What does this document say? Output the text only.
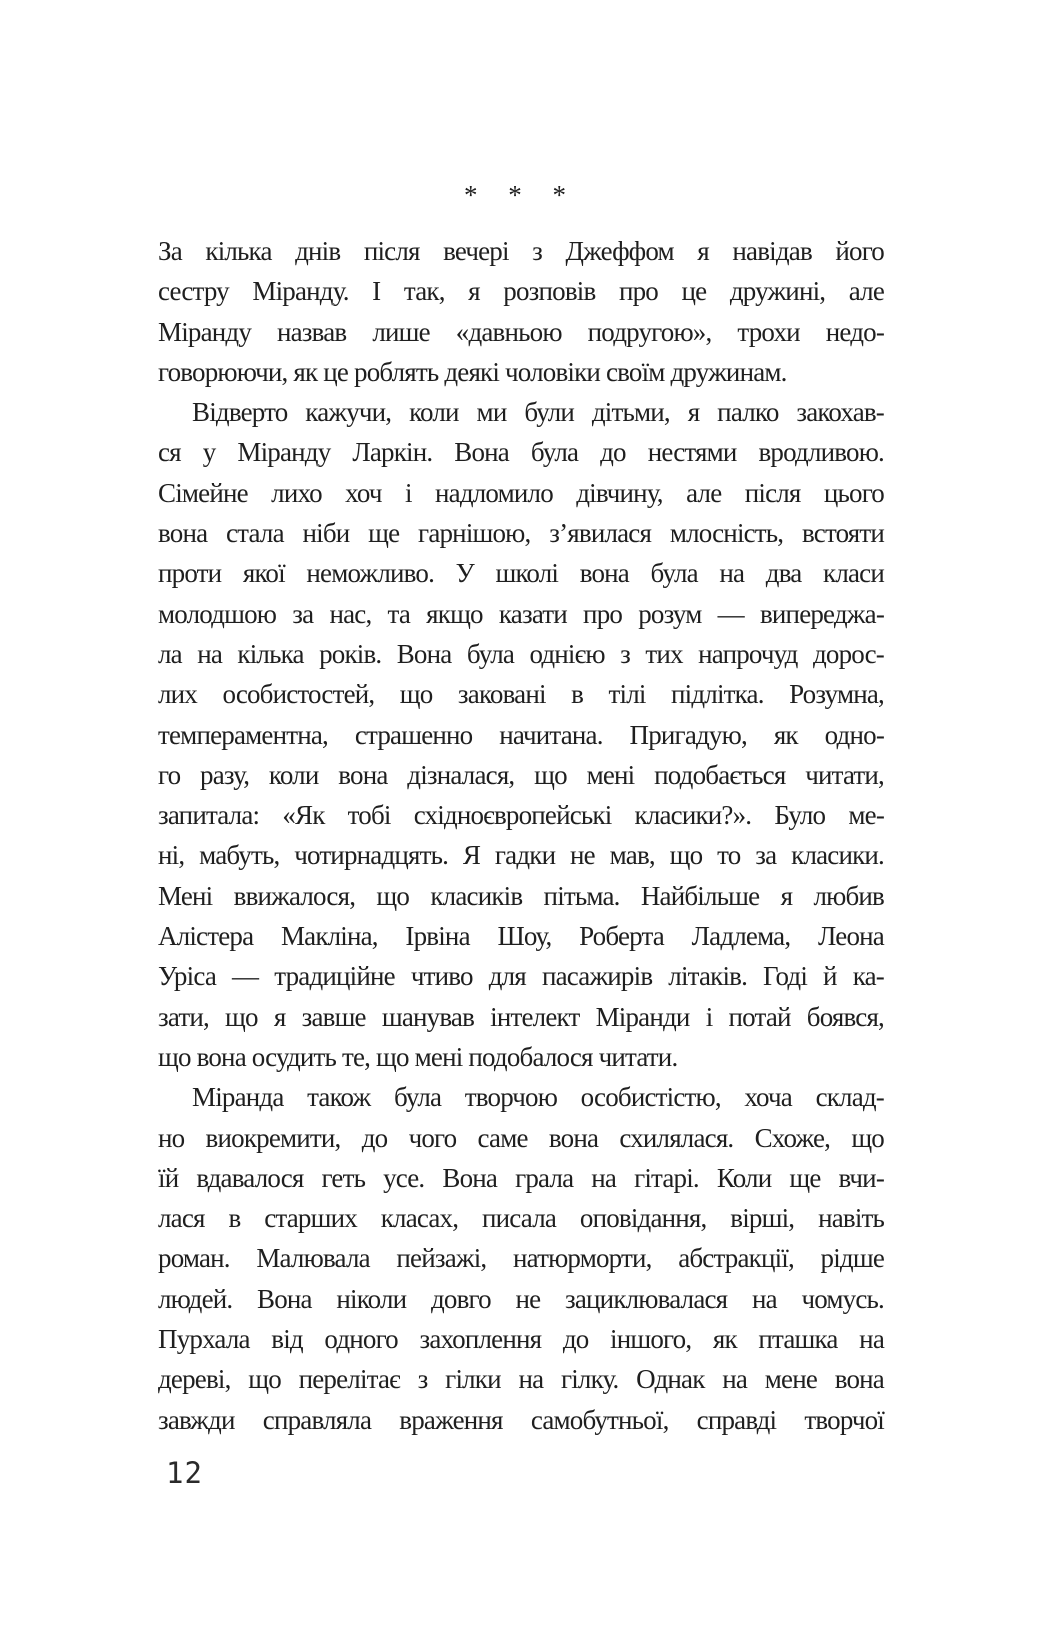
* * *
За кілька днів після вечері з Джеффом я навідав його
сестру Міранду. І так, я розповів про це дружині, але
Міранду назвав лише «давньою подругою», трохи недо-
говорюючи, як це роблять деякі чоловіки своїм дружинам.
Відверто кажучи, коли ми були дітьми, я палко закохав-
ся у Міранду Ларкін. Вона була до нестями вродливою.
Сімейне лихо хоч і надломило дівчину, але після цього
вона стала ніби ще гарнішою, з’явилася млосність, встояти
проти якої неможливо. У школі вона була на два класи
молодшою за нас, та якщо казати про розум — випереджа-
ла на кілька років. Вона була однією з тих напрочуд дорос-
лих особистостей, що заковані в тілі підлітка. Розумна,
темпераментна, страшенно начитана. Пригадую, як одно-
го разу, коли вона дізналася, що мені подобається читати,
запитала: «Як тобі східноєвропейські класики?». Було ме-
ні, мабуть, чотирнадцять. Я гадки не мав, що то за класики.
Мені ввижалося, що класиків пітьма. Найбільше я любив
Алістера Макліна, Ірвіна Шоу, Роберта Ладлема, Леона
Уріса — традиційне чтиво для пасажирів літаків. Годі й ка-
зати, що я завше шанував інтелект Міранди і потай боявся,
що вона осудить те, що мені подобалося читати.
Міранда також була творчою особистістю, хоча склад-
но виокремити, до чого саме вона схилялася. Схоже, що
їй вдавалося геть усе. Вона грала на гітарі. Коли ще вчи-
лася в старших класах, писала оповідання, вірші, навіть
роман. Малювала пейзажі, натюрморти, абстракції, рідше
людей. Вона ніколи довго не зациклювалася на чомусь.
Пурхала від одного захоплення до іншого, як пташка на
дереві, що перелітає з гілки на гілку. Однак на мене вона
завжди справляла враження самобутньої, справді творчої
12
